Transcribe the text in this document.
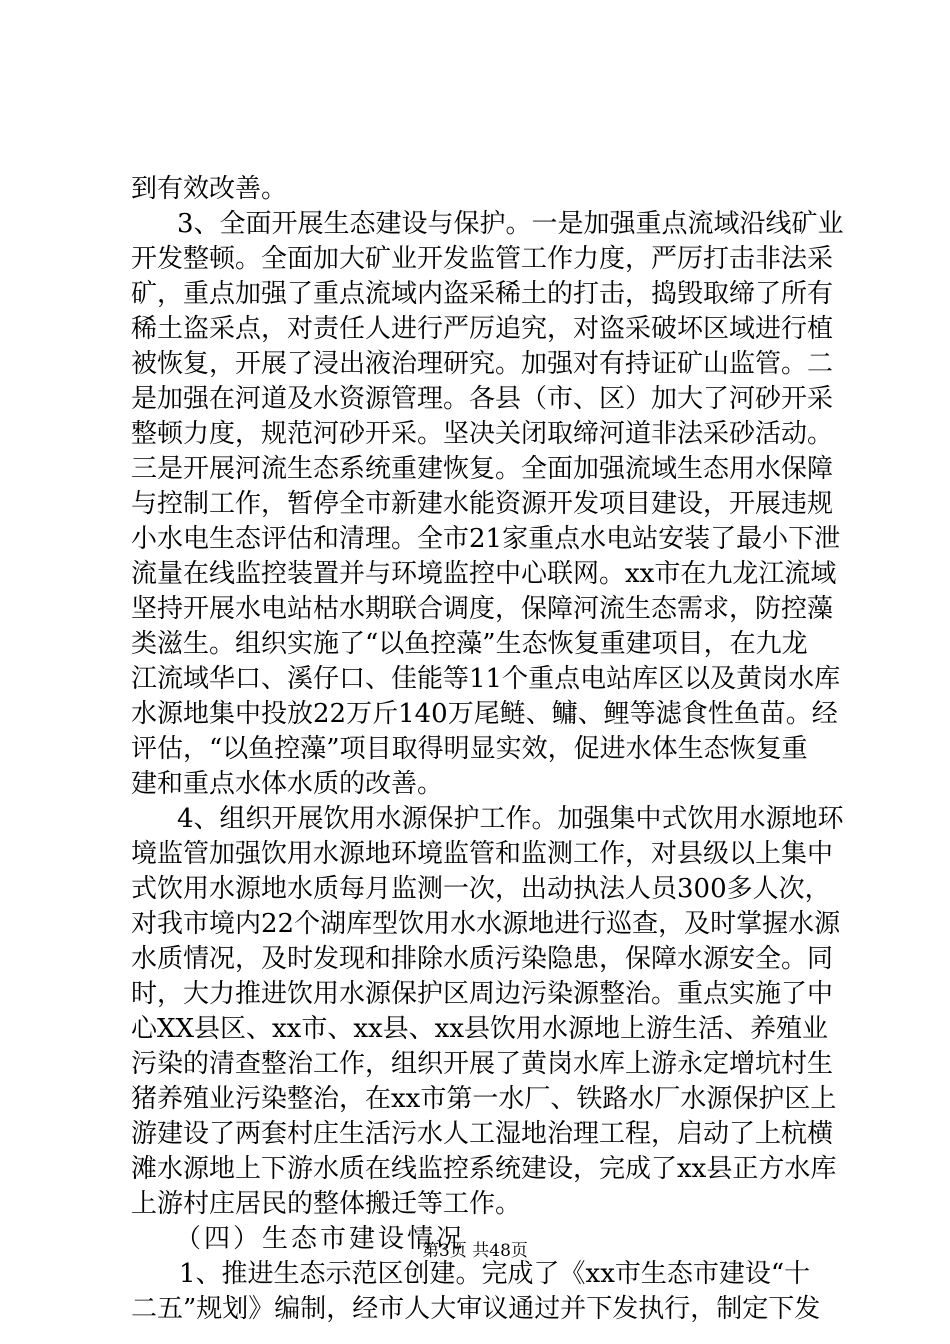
到有效改善。
3、全面开展生态建设与保护。一是加强重点流域沿线矿业
开发整顿。全面加大矿业开发监管工作力度，严厉打击非法采
矿，重点加强了重点流域内盗采稀土的打击，捣毁取缔了所有
稀土盗采点，对责任人进行严厉追究，对盗采破坏区域进行植
被恢复，开展了浸出液治理研究。加强对有持证矿山监管。二
是加强在河道及水资源管理。各县（市、区）加大了河砂开采
整顿力度，规范河砂开采。坚决关闭取缔河道非法采砂活动。
三是开展河流生态系统重建恢复。全面加强流域生态用水保障
与控制工作，暂停全市新建水能资源开发项目建设，开展违规
小水电生态评估和清理。全市21家重点水电站安装了最小下泄
流量在线监控装置并与环境监控中心联网。xx市在九龙江流域
坚持开展水电站枯水期联合调度，保障河流生态需求，防控藻
类滋生。组织实施了“以鱼控藻”生态恢复重建项目，在九龙
江流域华口、溪仔口、佳能等11个重点电站库区以及黄岗水库
水源地集中投放22万斤140万尾鲢、鳙、鲤等滤食性鱼苗。经
评估，“以鱼控藻”项目取得明显实效，促进水体生态恢复重
建和重点水体水质的改善。
4、组织开展饮用水源保护工作。加强集中式饮用水源地环
境监管加强饮用水源地环境监管和监测工作，对县级以上集中
式饮用水源地水质每月监测一次，出动执法人员300多人次，
对我市境内22个湖库型饮用水水源地进行巡查，及时掌握水源
水质情况，及时发现和排除水质污染隐患，保障水源安全。同
时，大力推进饮用水源保护区周边污染源整治。重点实施了中
心XX县区、xx市、xx县、xx县饮用水源地上游生活、养殖业
污染的清查整治工作，组织开展了黄岗水库上游永定增坑村生
猪养殖业污染整治，在xx市第一水厂、铁路水厂水源保护区上
游建设了两套村庄生活污水人工湿地治理工程，启动了上杭横
滩水源地上下游水质在线监控系统建设，完成了xx县正方水库
上游村庄居民的整体搬迁等工作。
（四）生态市建设情况
1、推进生态示范区创建。完成了《xx市生态市建设“十
二五”规划》编制，经市人大审议通过并下发执行，制定下发
第3页 共48页
